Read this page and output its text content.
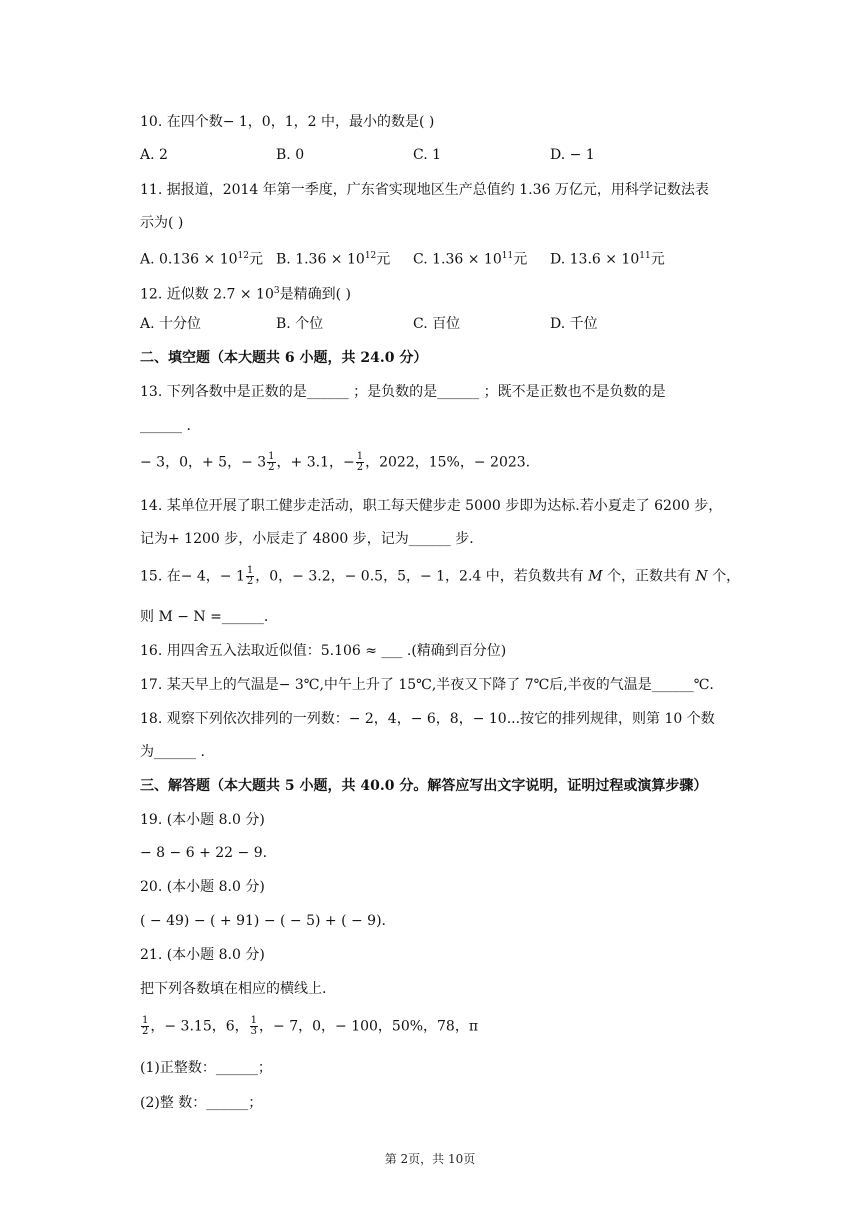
10. 在四个数− 1，0，1，2 中，最小的数是( )
A. 2	B. 0	C. 1	D. − 1
11. 据报道，2014 年第一季度，广东省实现地区生产总值约 1.36 万亿元，用科学记数法表
示为( )
A. $0.136 \times 10^{12}$元 B. $1.36 \times 10^{12}$元 C. $1.36 \times 10^{11}$元 D. $13.6 \times 10^{11}$元
12. 近似数 $2.7 \times 10^3$是精确到( )
A. 十分位	B. 个位	C. 百位	D. 千位
二、填空题（本大题共 6 小题，共 24.0 分）
13. 下列各数中是正数的是______ ；是负数的是______ ；既不是正数也不是负数的是
______ .
− 3，0，+ 5，− $3 \frac{1}{2}$ ，+ 3.1，− $\frac{1}{2}$ ，2022，15%，− 2023.
14. 某单位开展了职工健步走活动，职工每天健步走 5000 步即为达标.若小夏走了 6200 步，
记为+ 1200 步，小辰走了 4800 步，记为______ 步.
15. 在− 4，− $1 \frac{1}{2}$ ，0，− 3.2，− 0.5，5，− 1，2.4 中，若负数共有 M 个，正数共有 N 个，
则 M − N =______.
16. 用四舍五入法取近似值：5.106 ≈ ___ .(精确到百分位)
17. 某天早上的气温是− 3℃,中午上升了 15℃,半夜又下降了 7℃后,半夜的气温是______℃.
18. 观察下列依次排列的一列数：− 2，4，− 6，8，− 10...按它的排列规律，则第 10 个数
为______ .
三、解答题（本大题共 5 小题，共 40.0 分。解答应写出文字说明，证明过程或演算步骤）
19. (本小题 8.0 分)
− 8 − 6 + 22 − 9.
20. (本小题 8.0 分)
( − 49) − ( + 91) − ( − 5) + ( − 9).
21. (本小题 8.0 分)
把下列各数填在相应的横线上.
$\frac{1}{2}$ ，− 3.15，6， $\frac{1}{3}$ ，− 7，0，− 100，50%，78，π
(1)正整数：______；
(2)整 数：______；
第 2页，共 10页
